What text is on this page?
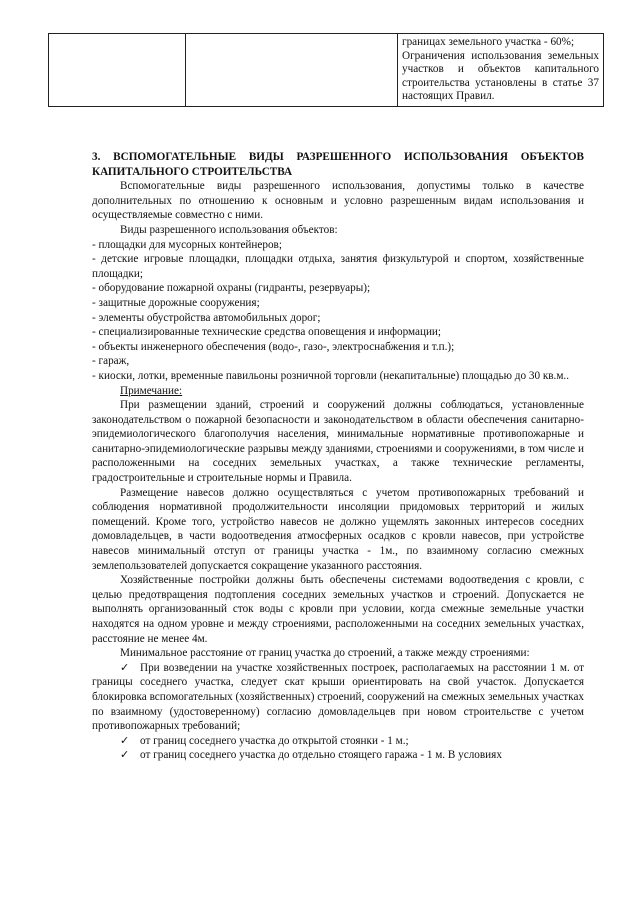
границах земельного участка - 60%;

Ограничения использования земельных участков и объектов капитального строительства установлены в статье 37 настоящих Правил.

3. ВСПОМОГАТЕЛЬНЫЕ ВИДЫ РАЗРЕШЕННОГО ИСПОЛЬЗОВАНИЯ ОБЪЕКТОВ КАПИТАЛЬНОГО СТРОИТЕЛЬСТВА

Вспомогательные виды разрешенного использования, допустимы только в качестве дополнительных по отношению к основным и условно разрешенным видам использования и осуществляемые совместно с ними.

Виды разрешенного использования объектов:

- площадки для мусорных контейнеров;

- детские игровые площадки, площадки отдыха, занятия физкультурой и спортом, хозяйственные площадки;

- оборудование пожарной охраны (гидранты, резервуары);

- защитные дорожные сооружения;

- элементы обустройства автомобильных дорог;

- специализированные технические средства оповещения и информации;

- объекты инженерного обеспечения (водо-, газо-, электроснабжения и т.п.);

- гараж,

- киоски, лотки, временные павильоны розничной торговли (некапитальные) площадью до 30 кв.м..

Примечание:

При размещении зданий, строений и сооружений должны соблюдаться, установленные законодательством о пожарной безопасности и законодательством в области обеспечения санитарно-эпидемиологического благополучия населения, минимальные нормативные противопожарные и санитарно-эпидемиологические разрывы между зданиями, строениями и сооружениями, в том числе и расположенными на соседних земельных участках, а также технические регламенты, градостроительные и строительные нормы и Правила.

Размещение навесов должно осуществляться с учетом противопожарных требований и соблюдения нормативной продолжительности инсоляции придомовых территорий и жилых помещений. Кроме того, устройство навесов не должно ущемлять законных интересов соседних домовладельцев, в части водоотведения атмосферных осадков с кровли навесов, при устройстве навесов минимальный отступ от границы участка - 1м., по взаимному согласию смежных землепользователей допускается сокращение указанного расстояния.

Хозяйственные постройки должны быть обеспечены системами водоотведения с кровли, с целью предотвращения подтопления соседних земельных участков и строений. Допускается не выполнять организованный сток воды с кровли при условии, когда смежные земельные участки находятся на одном уровне и между строениями, расположенными на соседних земельных участках, расстояние не менее 4м.

Минимальное расстояние от границ участка до строений, а также между строениями:

✓ При возведении на участке хозяйственных построек, располагаемых на расстоянии 1 м. от границы соседнего участка, следует скат крыши ориентировать на свой участок. Допускается блокировка вспомогательных (хозяйственных) строений, сооружений на смежных земельных участках по взаимному (удостоверенному) согласию домовладельцев при новом строительстве с учетом противопожарных требований;

✓ от границ соседнего участка до открытой стоянки - 1 м.;

✓ от границ соседнего участка до отдельно стоящего гаража - 1 м. В условиях
